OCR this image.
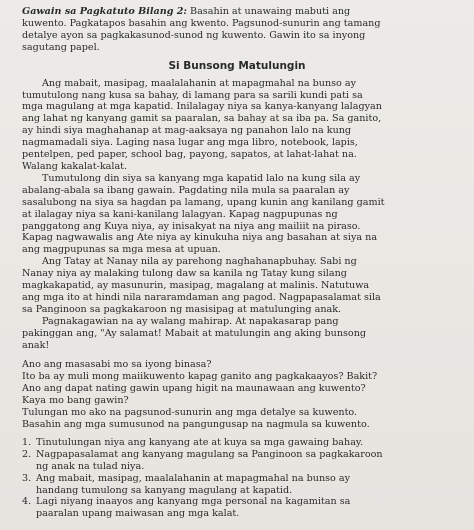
Gawain sa Pagkatuto Bilang 2: Basahin at unawaing mabuti ang
kuwento. Pagkatapos basahin ang kwento. Pagsunod-sunurin ang tamang
detalye ayon sa pagkakasunod-sunod ng kuwento. Gawin ito sa inyong
sagutang papel.

Si Bunsong Matulungin

Ang mabait, masipag, maalalahanin at mapagmahal na bunso ay
tumutulong nang kusa sa bahay, di lamang para sa sarili kundi pati sa
mga magulang at mga kapatid. Inilalagay niya sa kanya-kanyang lalagyan
ang lahat ng kanyang gamit sa paaralan, sa bahay at sa iba pa. Sa ganito,
ay hindi siya maghahanap at mag-aaksaya ng panahon lalo na kung
nagmamadali siya. Laging nasa lugar ang mga libro, notebook, lapis,
pentelpen, ped paper, school bag, payong, sapatos, at lahat-lahat na.
Walang kakalat-kalat.

Tumutulong din siya sa kanyang mga kapatid lalo na kung sila ay
abalang-abala sa ibang gawain. Pagdating nila mula sa paaralan ay
sasalubong na siya sa hagdan pa lamang, upang kunin ang kanilang gamit
at ilalagay niya sa kani-kanilang lalagyan. Kapag nagpupunas ng
panggatong ang Kuya niya, ay inisakyat na niya ang mailiit na piraso.
Kapag nagwawalis ang Ate niya ay kinukuha niya ang basahan at siya na
ang magpupunas sa mga mesa at upuan.

Ang Tatay at Nanay nila ay parehong naghahanapbuhay. Sabi ng
Nanay niya ay malaking tulong daw sa kanila ng Tatay kung silang
magkakapatid, ay masunurin, masipag, magalang at malinis. Natutuwa
ang mga ito at hindi nila nararamdaman ang pagod. Nagpapasalamat sila
sa Panginoon sa pagkakaroon ng masisipag at matulunging anak.

Pagnakagawian na ay walang mahirap. At napakasarap pang
pakinggan ang, "Ay salamat! Mabait at matulungin ang aking bunsong
anak!

Ano ang masasabi mo sa iyong binasa?
Ito ba ay muli mong maiikuwento kapag ganito ang pagkakaayos? Bakit?
Ano ang dapat nating gawin upang higit na maunawaan ang kuwento?
Kaya mo bang gawin?
Tulungan mo ako na pagsunod-sunurin ang mga detalye sa kuwento.
Basahin ang mga sumusunod na pangungusap na nagmula sa kuwento.

1. Tinutulungan niya ang kanyang ate at kuya sa mga gawaing bahay.
2. Nagpapasalamat ang kanyang magulang sa Panginoon sa pagkakaroon
ng anak na tulad niya.
3. Ang mabait, masipag, maalalahanin at mapagmahal na bunso ay
handang tumulong sa kanyang magulang at kapatid.
4. Lagi niyang inaayos ang kanyang mga personal na kagamitan sa
paaralan upang maiwasan ang mga kalat.
